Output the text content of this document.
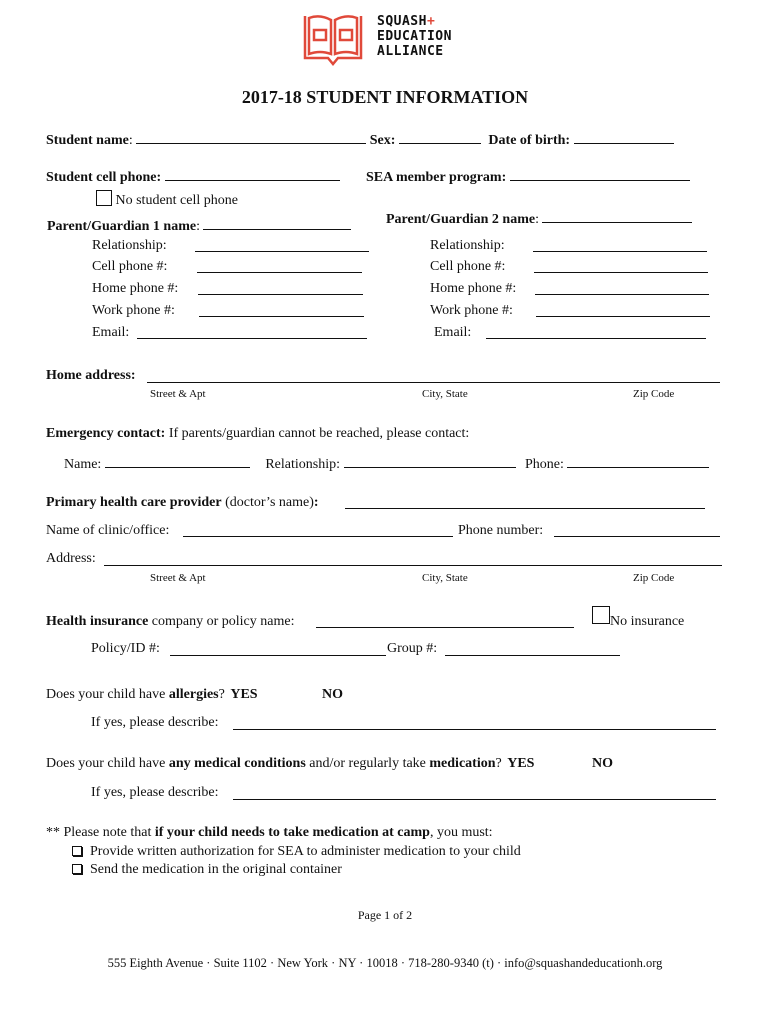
SQUASH+
EDUCATION
ALLIANCE
2017-18 STUDENT INFORMATION
Student name:	Sex:	Date of birth:
Student cell phone:	SEA member program:
No student cell phone
Parent/Guardian 1 name:
Relationship:
Cell phone #:
Home phone #:
Work phone #:
Email:
Parent/Guardian 2 name:
Relationship:
Cell phone #:
Home phone #:
Work phone #:
Email:
Home address:
Street & Apt	City, State	Zip Code
Emergency contact: If parents/guardian cannot be reached, please contact:
Name:	Relationship:	Phone:
Primary health care provider (doctor’s name):
Name of clinic/office:	Phone number:
Address:
Street & Apt	City, State	Zip Code
Health insurance company or policy name:	No insurance
Policy/ID #:	Group #:
Does your child have allergies? YES	NO
If yes, please describe:
Does your child have any medical conditions and/or regularly take medication? YES	NO
If yes, please describe:
** Please note that if your child needs to take medication at camp, you must:
Provide written authorization for SEA to administer medication to your child
Send the medication in the original container
Page 1 of 2
555 Eighth Avenue · Suite 1102 · New York · NY · 10018 · 718-280-9340 (t) · info@squashandeducationh.org
